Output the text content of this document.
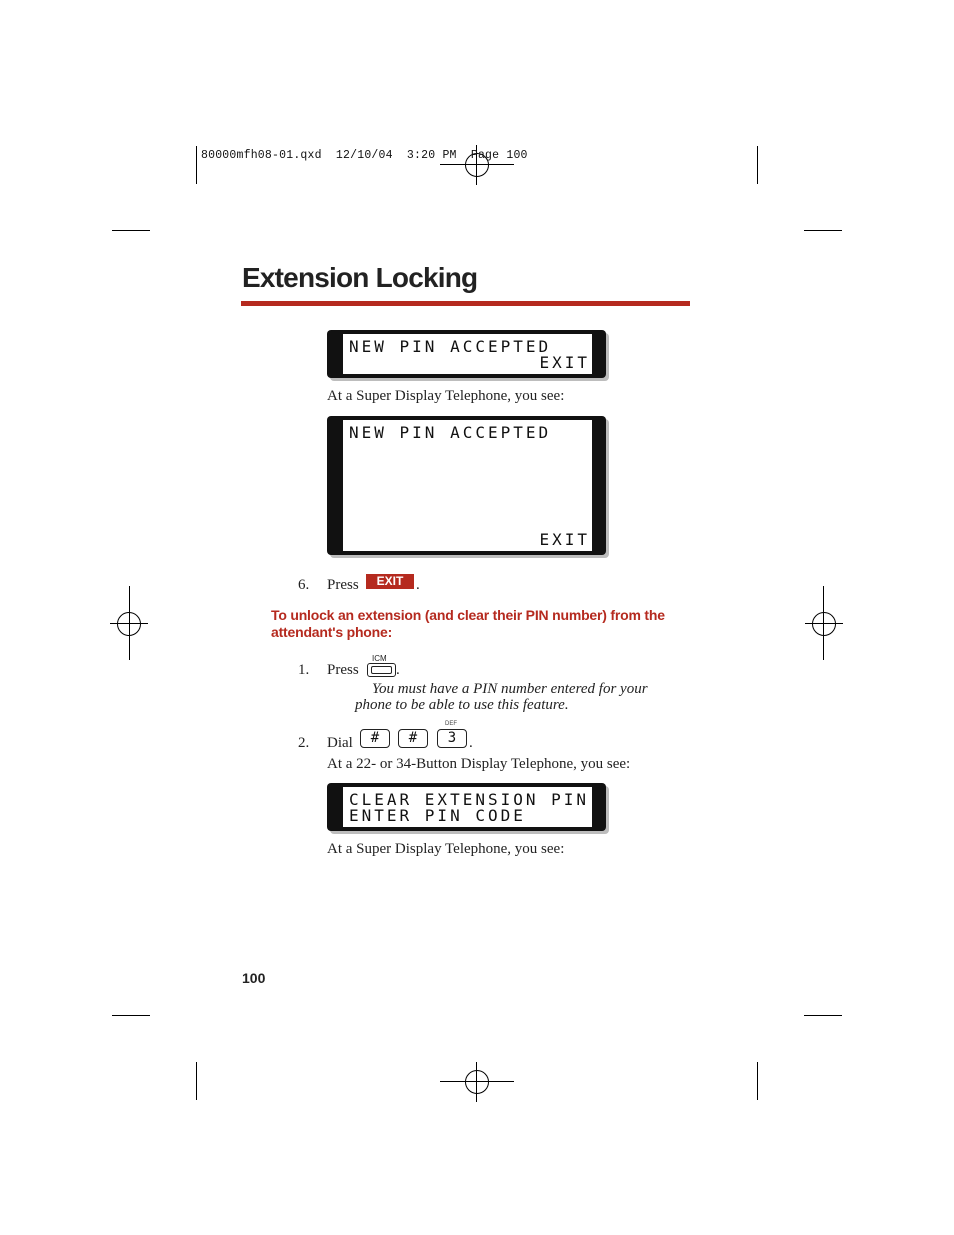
80000mfh08-01.qxd  12/10/04  3:20 PM  Page 100
Extension Locking
NEW PIN ACCEPTED
EXIT
At a Super Display Telephone, you see:
NEW PIN ACCEPTED
EXIT
6. Press	EXIT .
To unlock an extension (and clear their PIN number) from the attendant's phone:
1. Press
ICM
.
You must have a PIN number entered for your phone to be able to use this feature.
2. Dial	#	#
DEF
3 .
At a 22- or 34-Button Display Telephone, you see:
CLEAR EXTENSION PIN
ENTER PIN CODE
At a Super Display Telephone, you see:
100
